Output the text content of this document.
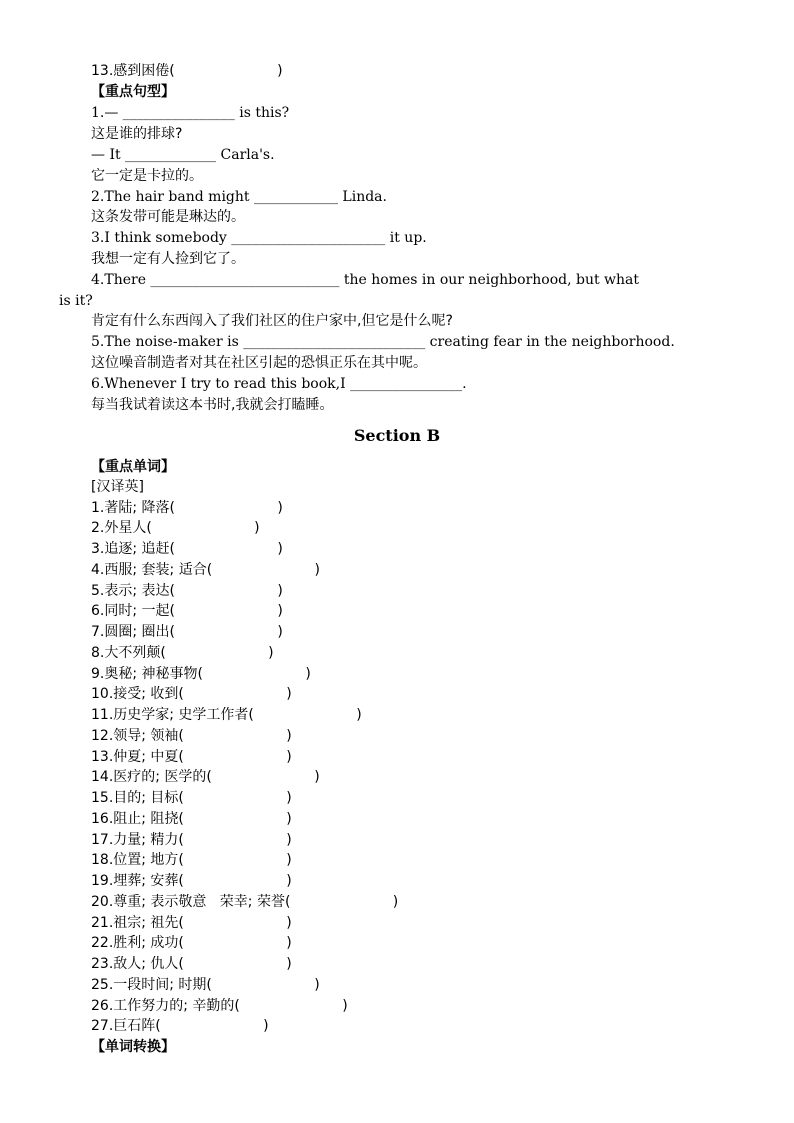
13.感到困倦(                       )
【重点句型】
1.— ________________ is this?
这是谁的排球?
— It _____________ Carla's.
它一定是卡拉的。
2.The hair band might ____________ Linda.
这条发带可能是琳达的。
3.I think somebody ______________________ it up.
我想一定有人捡到它了。
4.There ___________________________ the homes in our neighborhood, but what
is it?
肯定有什么东西闯入了我们社区的住户家中,但它是什么呢?
5.The noise-maker is __________________________ creating fear in the neighborhood.
这位噪音制造者对其在社区引起的恐惧正乐在其中呢。
6.Whenever I try to read this book,I ________________.
每当我试着读这本书时,我就会打瞌睡。
Section B
【重点单词】
[汉译英]
1.著陆; 降落(                       )
2.外星人(                       )
3.追逐; 追赶(                       )
4.西服; 套装; 适合(                       )
5.表示; 表达(                       )
6.同时; 一起(                       )
7.圆圈; 圈出(                       )
8.大不列颠(                       )
9.奥秘; 神秘事物(                       )
10.接受; 收到(                       )
11.历史学家; 史学工作者(                       )
12.领导; 领袖(                       )
13.仲夏; 中夏(                       )
14.医疗的; 医学的(                       )
15.目的; 目标(                       )
16.阻止; 阻挠(                       )
17.力量; 精力(                       )
18.位置; 地方(                       )
19.埋葬; 安葬(                       )
20.尊重; 表示敬意   荣幸; 荣誉(                       )
21.祖宗; 祖先(                       )
22.胜利; 成功(                       )
23.敌人; 仇人(                       )
25.一段时间; 时期(                       )
26.工作努力的; 辛勤的(                       )
27.巨石阵(                       )
【单词转换】
